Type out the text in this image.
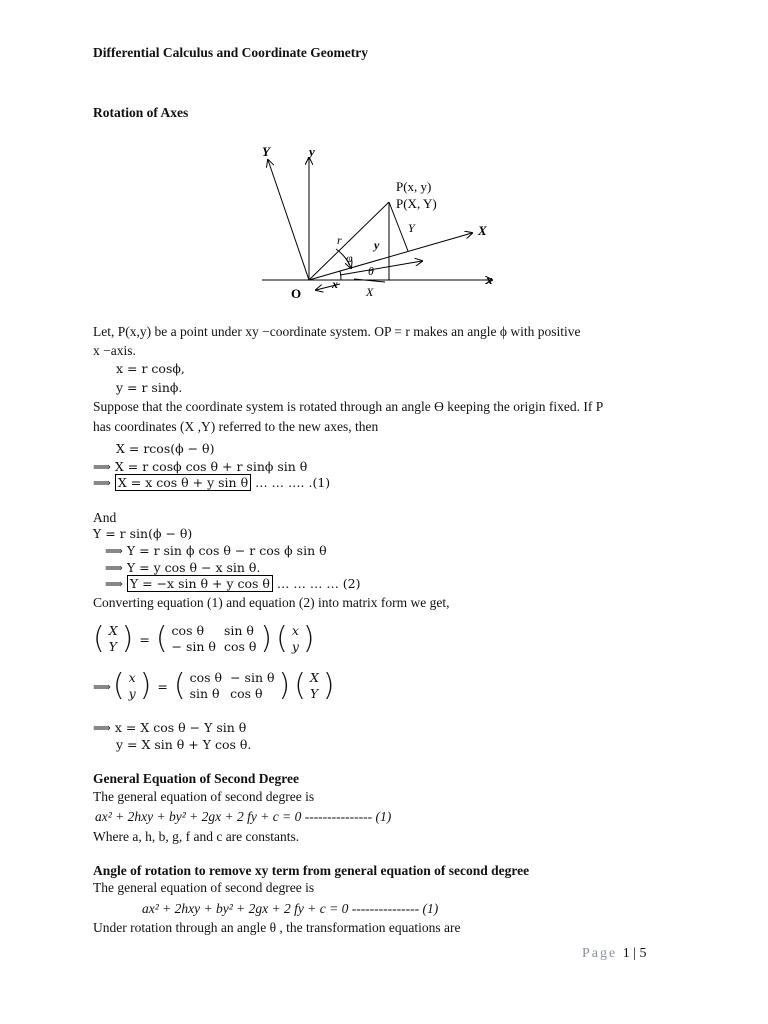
Differential Calculus and Coordinate Geometry
Rotation of Axes
Y	y
X
x
P(x, y)
P(X, Y)
r
φ
θ
y
Y
x
X
O
Let, P(x,y) be a point under xy −coordinate system. OP = r makes an angle ϕ with positive
x −axis.
x = r cosϕ,
y = r sinϕ.
Suppose that the coordinate system is rotated through an angle ϴ keeping the origin fixed. If P
has coordinates (X ,Y) referred to the new axes, then
X = rcos(ϕ − θ)
⟹ X = r cosϕ cos θ + r sinϕ sin θ
⟹ X = x cos θ + y sin θ … … …. .(1)
And
Y = r sin(ϕ − θ)
⟹ Y = r sin ϕ cos θ − r cos ϕ sin θ
⟹ Y = y cos θ − x sin θ.
⟹ Y = −x sin θ + y cos θ … … … … (2)
Converting equation (1) and equation (2) into matrix form we get,
( X
Y ) = ( cos θ	sin θ
− sin θ	cos θ ) ( x
y )
⟹ ( x
y ) = ( cos θ	− sin θ
sin θ	cos θ ) ( X
Y )
⟹ x = X cos θ − Y sin θ
y = X sin θ + Y cos θ.
General Equation of Second Degree
The general equation of second degree is
ax² + 2hxy + by² + 2gx + 2 fy + c = 0 --------------- (1)
Where a, h, b, g, f and c are constants.
Angle of rotation to remove xy term from general equation of second degree
The general equation of second degree is
ax² + 2hxy + by² + 2gx + 2 fy + c = 0 --------------- (1)
Under rotation through an angle θ , the transformation equations are
Page 1 | 5
